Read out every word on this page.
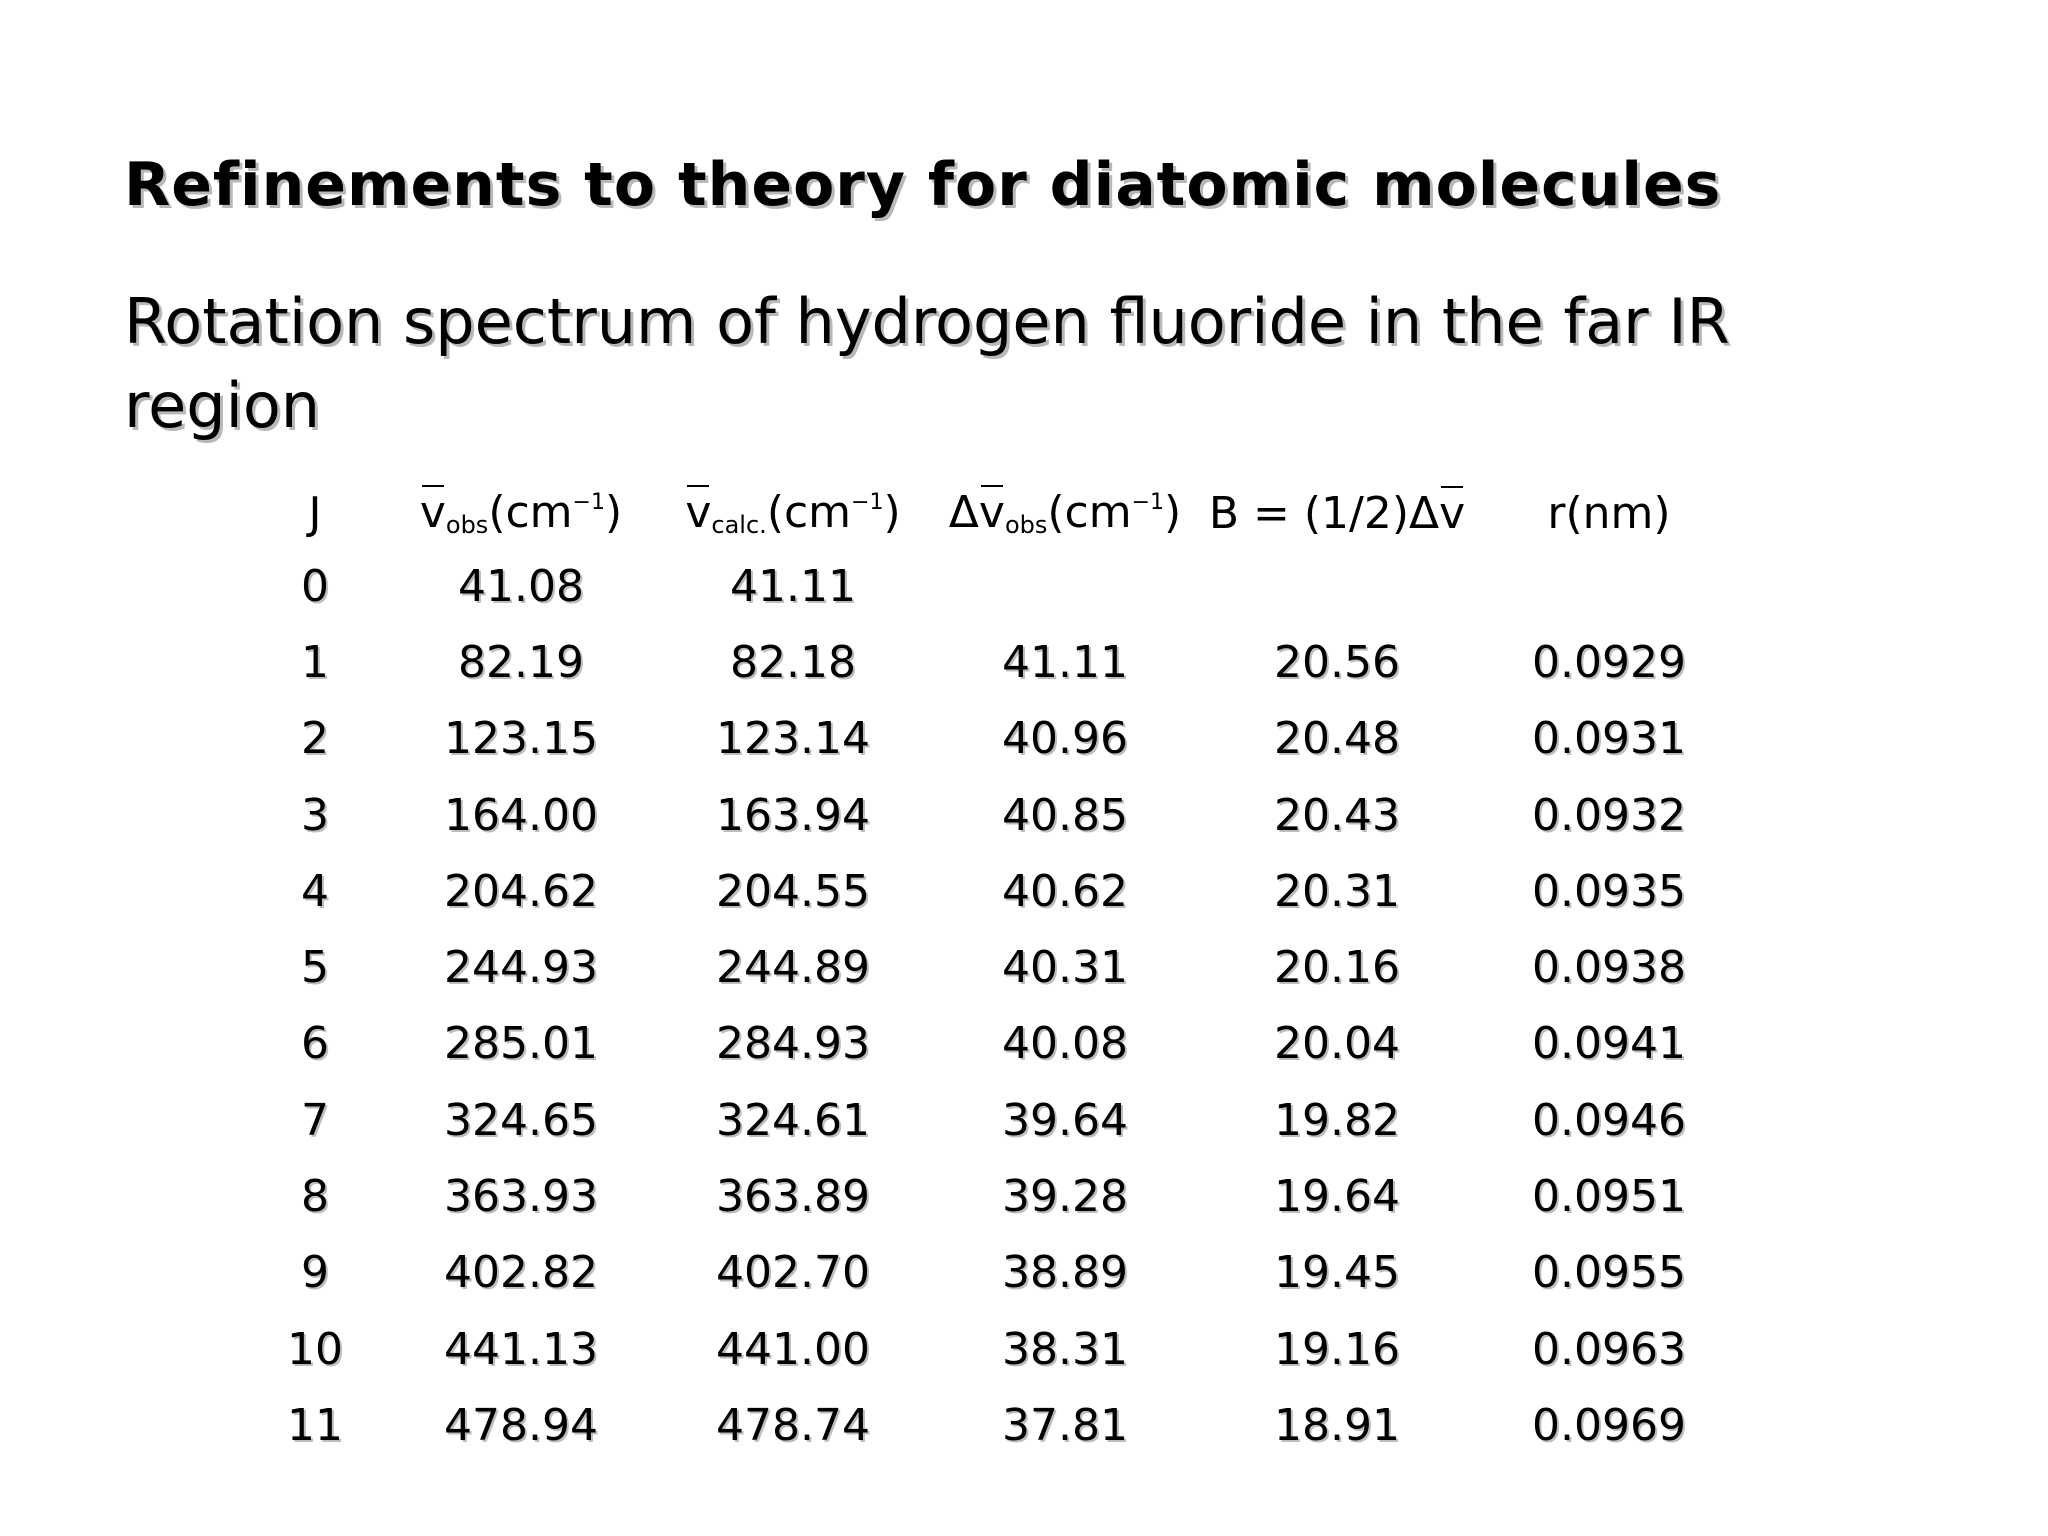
Refinements to theory for diatomic molecules
Rotation spectrum of hydrogen fluoride in the far IR region
J	$v_{obs}(cm^{-1})$	$v_{calc.}(cm^{-1})$	$\Delta v_{obs}(cm^{-1})$	B = (1/2)Δv	r(nm)
0	41.08	41.11			
1	82.19	82.18	41.11	20.56	0.0929
2	123.15	123.14	40.96	20.48	0.0931
3	164.00	163.94	40.85	20.43	0.0932
4	204.62	204.55	40.62	20.31	0.0935
5	244.93	244.89	40.31	20.16	0.0938
6	285.01	284.93	40.08	20.04	0.0941
7	324.65	324.61	39.64	19.82	0.0946
8	363.93	363.89	39.28	19.64	0.0951
9	402.82	402.70	38.89	19.45	0.0955
10	441.13	441.00	38.31	19.16	0.0963
11	478.94	478.74	37.81	18.91	0.0969
